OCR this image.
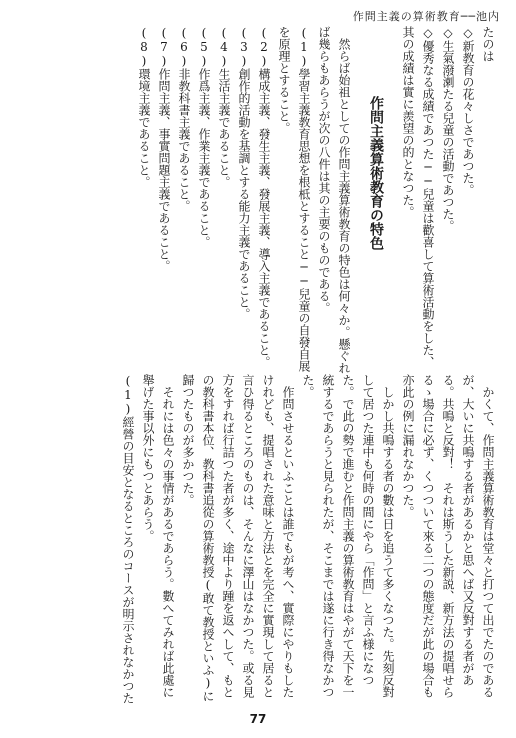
作問主義の算術教育──池内

たのは

◇新教育の花々しさであつた。

◇生氣潑溂たる兒童の活動であつた。

◇優秀なる成績であつた──兒童は歡喜して算術活動をした、其の成績は實に羨望の的となつた。

作問主義算術教育の特色

然らば始祖としての作問主義算術教育の特色は何々か。懸ぐれば幾らもあらうが次の八件は其の主要のものである。

(1)學習主義教育思想を根柢とすること──兒童の自發自展を原理とすること。

(2)構成主義、發生主義、發展主義、導入主義であること。

(3)創作的活動を基調とする能力主義であること。

(4)生活主義であること。

(5)作爲主義、作業主義であること。

(6)非教科書主義であること。

(7)作問主義、事實問題主義であること。

(8)環境主義であること。

かくて、作問主義算術教育は堂々と打つて出でたのであるが、大いに共鳴する者があるかと思へば又反對する者がある。共鳴と反對！　それは斯うした新説、新方法の提唱せらるゝ場合に必ず、くつついて來る二つの態度だが此の場合も亦此の例に漏れなかつた。

しかし共鳴する者の數は日を追うて多くなつた。先刻反對して居つた連中も何時の間にやら「作問」と言ふ様になつた。で此の勢で進むと作問主義の算術教育はやがて天下を一統するであらうと見られたが、そこまでは遂に行き得なかつた。

作問させるといふことは誰でもが考へ、實際にやりもしたけれども、提唱された意味と方法とを完全に實現して居ると言ひ得るところのものは、そんなに澤山はなかつた。或る見方をすれば行詰つた者が多く、途中より踵を返へして、もとの教科書本位、教科書追從の算術教授(敢て教授といふ)に歸つたものが多かつた。

それには色々の事情があるであらう。數へてみれば此處に舉げた事以外にもつとあらう。

(1)經營の目安となるところのコースが明示されなかつた

77
